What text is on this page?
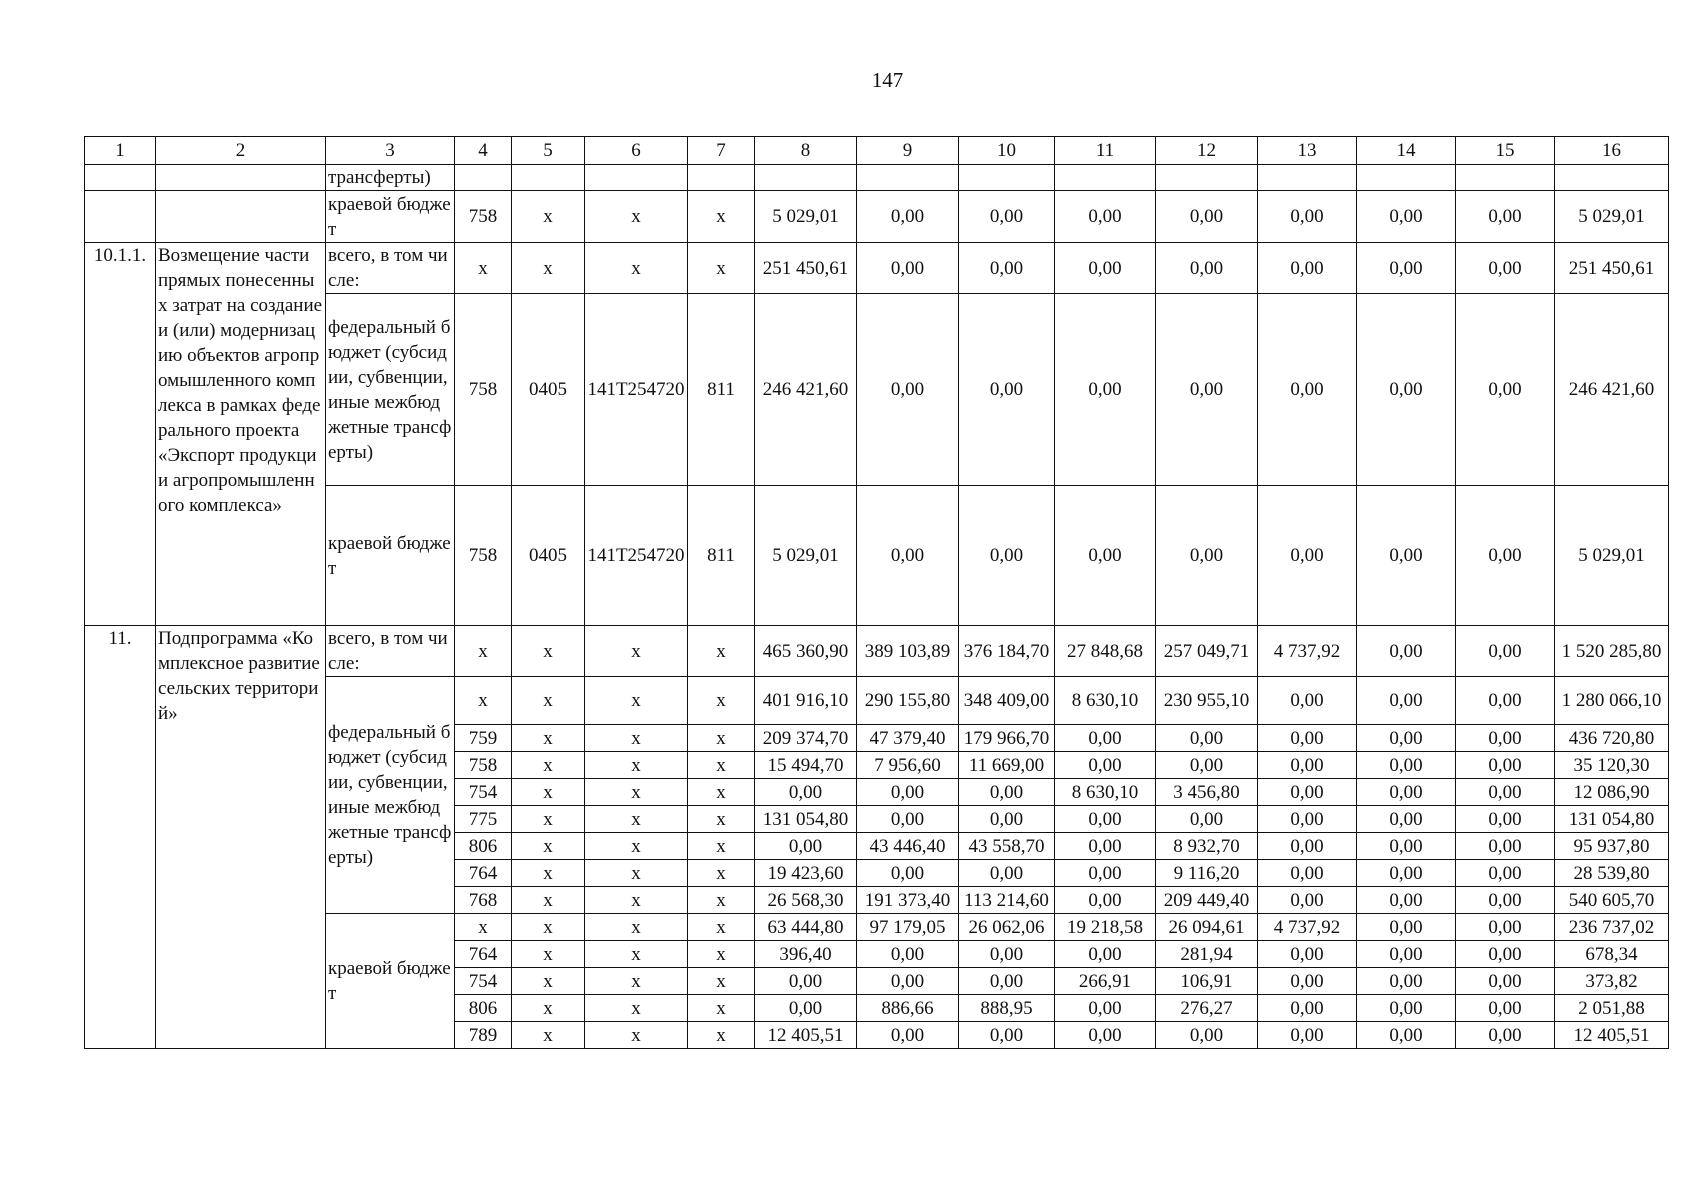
147
1	2	3	4	5	6	7	8	9	10	11	12	13	14	15	16
		трансферты)													
		краевой бюджет	758	x	x	x	5 029,01	0,00	0,00	0,00	0,00	0,00	0,00	0,00	5 029,01
10.1.1.	Возмещение части прямых понесенных затрат на создание и (или) модернизацию объектов агропромышленного комплекса в рамках федерального проекта «Экспорт продукции агропромышленного комплекса»	всего, в том числе:	x	x	x	x	251 450,61	0,00	0,00	0,00	0,00	0,00	0,00	0,00	251 450,61
		федеральный бюджет (субсидии, субвенции, иные межбюджетные трансферты)	758	0405	141T254720	811	246 421,60	0,00	0,00	0,00	0,00	0,00	0,00	0,00	246 421,60
		краевой бюджет	758	0405	141T254720	811	5 029,01	0,00	0,00	0,00	0,00	0,00	0,00	0,00	5 029,01
11.	Подпрограмма «Комплексное развитие сельских территорий»	всего, в том числе:	x	x	x	x	465 360,90	389 103,89	376 184,70	27 848,68	257 049,71	4 737,92	0,00	0,00	1 520 285,80
		федеральный бюджет (субсидии, субвенции, иные межбюджетные трансферты)	x	x	x	x	401 916,10	290 155,80	348 409,00	8 630,10	230 955,10	0,00	0,00	0,00	1 280 066,10
			759	x	x	x	209 374,70	47 379,40	179 966,70	0,00	0,00	0,00	0,00	0,00	436 720,80
			758	x	x	x	15 494,70	7 956,60	11 669,00	0,00	0,00	0,00	0,00	0,00	35 120,30
			754	x	x	x	0,00	0,00	0,00	8 630,10	3 456,80	0,00	0,00	0,00	12 086,90
			775	x	x	x	131 054,80	0,00	0,00	0,00	0,00	0,00	0,00	0,00	131 054,80
			806	x	x	x	0,00	43 446,40	43 558,70	0,00	8 932,70	0,00	0,00	0,00	95 937,80
			764	x	x	x	19 423,60	0,00	0,00	0,00	9 116,20	0,00	0,00	0,00	28 539,80
			768	x	x	x	26 568,30	191 373,40	113 214,60	0,00	209 449,40	0,00	0,00	0,00	540 605,70
		краевой бюджет	x	x	x	x	63 444,80	97 179,05	26 062,06	19 218,58	26 094,61	4 737,92	0,00	0,00	236 737,02
			764	x	x	x	396,40	0,00	0,00	0,00	281,94	0,00	0,00	0,00	678,34
			754	x	x	x	0,00	0,00	0,00	266,91	106,91	0,00	0,00	0,00	373,82
			806	x	x	x	0,00	886,66	888,95	0,00	276,27	0,00	0,00	0,00	2 051,88
			789	x	x	x	12 405,51	0,00	0,00	0,00	0,00	0,00	0,00	0,00	12 405,51
